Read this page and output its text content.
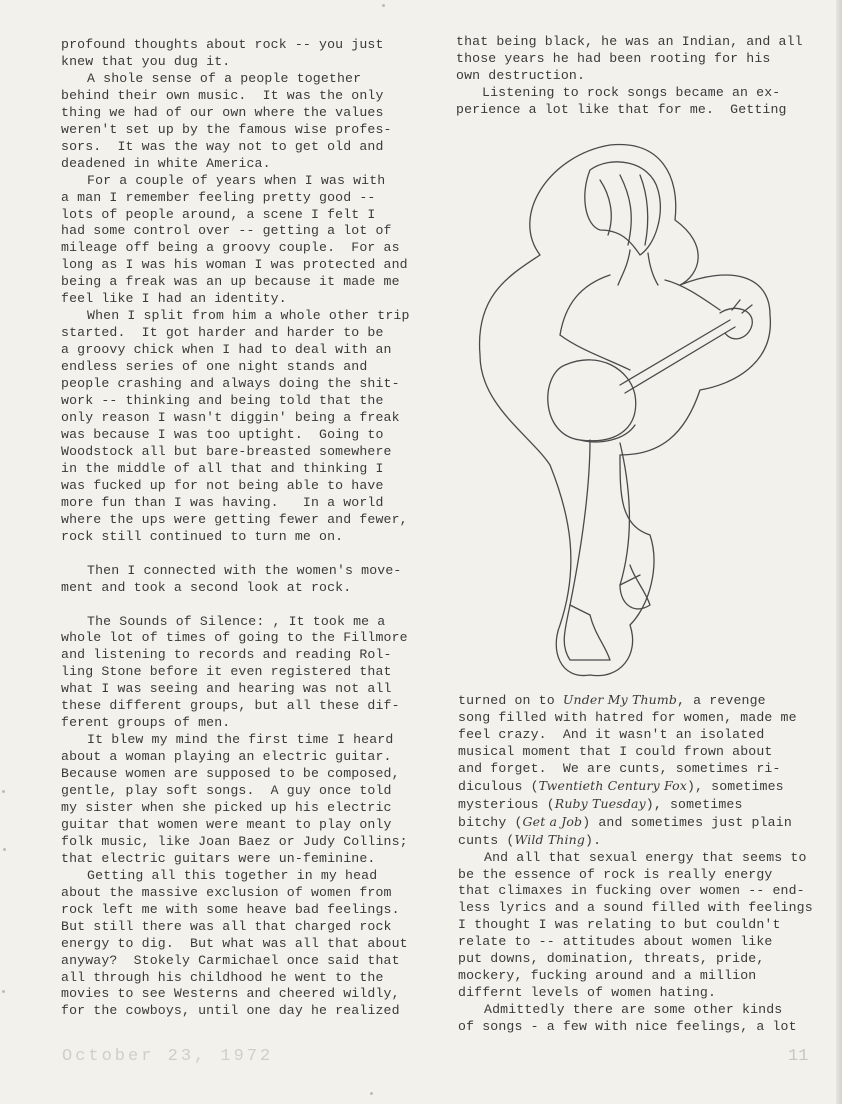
profound thoughts about rock -- you just

knew that you dug it.

A shole sense of a people together

behind their own music.  It was the only

thing we had of our own where the values

weren't set up by the famous wise profes-

sors.  It was the way not to get old and

deadened in white America.

For a couple of years when I was with

a man I remember feeling pretty good --

lots of people around, a scene I felt I

had some control over -- getting a lot of

mileage off being a groovy couple.  For as

long as I was his woman I was protected and

being a freak was an up because it made me

feel like I had an identity.

When I split from him a whole other trip

started.  It got harder and harder to be

a groovy chick when I had to deal with an

endless series of one night stands and

people crashing and always doing the shit-

work -- thinking and being told that the

only reason I wasn't diggin' being a freak

was because I was too uptight.  Going to

Woodstock all but bare-breasted somewhere

in the middle of all that and thinking I

was fucked up for not being able to have

more fun than I was having.   In a world

where the ups were getting fewer and fewer,

rock still continued to turn me on.

Then I connected with the women's move-

ment and took a second look at rock.

The Sounds of Silence: , It took me a

whole lot of times of going to the Fillmore

and listening to records and reading Rol-

ling Stone before it even registered that

what I was seeing and hearing was not all

these different groups, but all these dif-

ferent groups of men.

It blew my mind the first time I heard

about a woman playing an electric guitar.

Because women are supposed to be composed,

gentle, play soft songs.  A guy once told

my sister when she picked up his electric

guitar that women were meant to play only

folk music, like Joan Baez or Judy Collins;

that electric guitars were un-feminine.

Getting all this together in my head

about the massive exclusion of women from

rock left me with some heave bad feelings.

But still there was all that charged rock

energy to dig.  But what was all that about

anyway?  Stokely Carmichael once said that

all through his childhood he went to the

movies to see Westerns and cheered wildly,

for the cowboys, until one day he realized

that being black, he was an Indian, and all

those years he had been rooting for his

own destruction.

Listening to rock songs became an ex-

perience a lot like that for me.  Getting

turned on to Under My Thumb, a revenge

song filled with hatred for women, made me

feel crazy.  And it wasn't an isolated

musical moment that I could frown about

and forget.  We are cunts, sometimes ri-

diculous (Twentieth Century Fox), sometimes

mysterious (Ruby Tuesday), sometimes

bitchy (Get a Job) and sometimes just plain

cunts (Wild Thing).

And all that sexual energy that seems to

be the essence of rock is really energy

that climaxes in fucking over women -- end-

less lyrics and a sound filled with feelings

I thought I was relating to but couldn't

relate to -- attitudes about women like

put downs, domination, threats, pride,

mockery, fucking around and a million

differnt levels of women hating.

Admittedly there are some other kinds

of songs - a few with nice feelings, a lot

October 23, 1972	11
